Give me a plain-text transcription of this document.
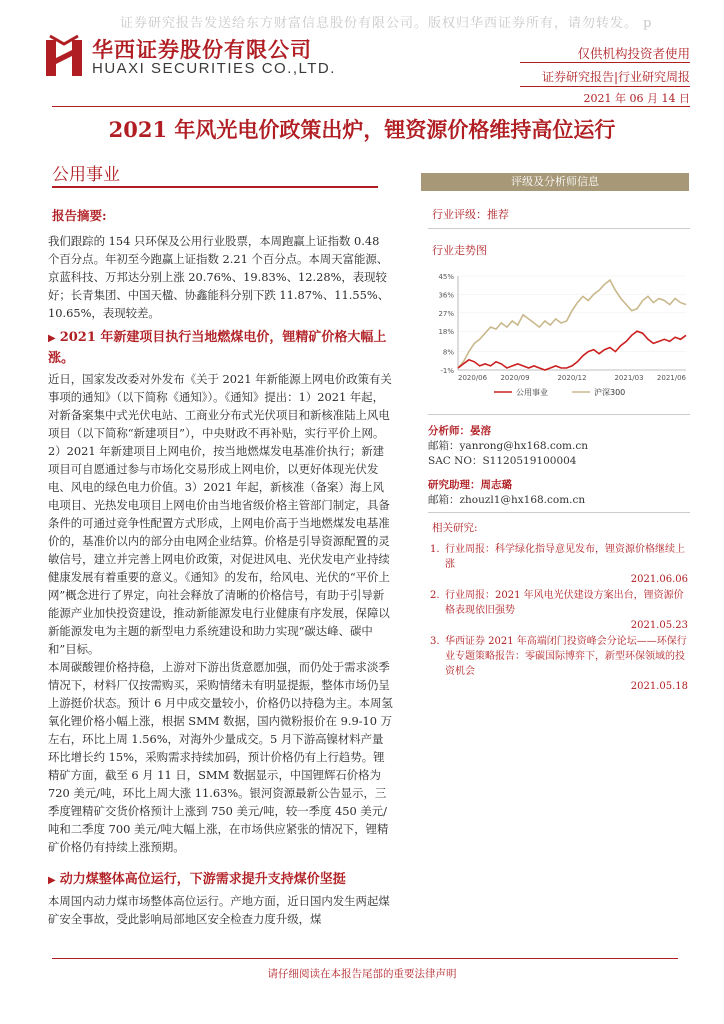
证券研究报告发送给东方财富信息股份有限公司。版权归华西证券所有，请勿转发。 p
华西证券股份有限公司
HUAXI SECURITIES CO.,LTD.
仅供机构投资者使用
证券研究报告|行业研究周报
2021 年 06 月 14 日
2021 年风光电价政策出炉，锂资源价格维持高位运行
公用事业
报告摘要:

我们跟踪的 154 只环保及公用行业股票，本周跑赢上证指数 0.48 个百分点。年初至今跑赢上证指数 2.21 个百分点。本周天富能源、京蓝科技、万邦达分别上涨 20.76%、19.83%、12.28%，表现较好；长青集团、中国天楹、协鑫能科分别下跌 11.87%、11.55%、10.65%，表现较差。

▶ 2021 年新建项目执行当地燃煤电价，锂精矿价格大幅上涨。

近日，国家发改委对外发布《关于 2021 年新能源上网电价政策有关事项的通知》（以下简称《通知》）。《通知》提出：1）2021 年起，对新备案集中式光伏电站、工商业分布式光伏项目和新核准陆上风电项目（以下简称“新建项目”），中央财政不再补贴，实行平价上网。2）2021 年新建项目上网电价，按当地燃煤发电基准价执行；新建项目可自愿通过参与市场化交易形成上网电价，以更好体现光伏发电、风电的绿色电力价值。3）2021 年起，新核准（备案）海上风电项目、光热发电项目上网电价由当地省级价格主管部门制定，具备条件的可通过竞争性配置方式形成，上网电价高于当地燃煤发电基准价的，基准价以内的部分由电网企业结算。价格是引导资源配置的灵敏信号，建立并完善上网电价政策，对促进风电、光伏发电产业持续健康发展有着重要的意义。《通知》的发布，给风电、光伏的“平价上网”概念进行了界定，向社会释放了清晰的价格信号，有助于引导新能源产业加快投资建设，推动新能源发电行业健康有序发展，保障以新能源发电为主题的新型电力系统建设和助力实现“碳达峰、碳中和”目标。

本周碳酸锂价格持稳，上游对下游出货意愿加强，而仍处于需求淡季情况下，材料厂仅按需购买，采购情绪未有明显提振，整体市场仍呈上游挺价状态。预计 6 月中成交量较小，价格仍以持稳为主。本周氢氧化锂价格小幅上涨，根据 SMM 数据，国内微粉报价在 9.9-10 万左右，环比上周 1.56%，对海外少量成交。5 月下游高镍材料产量环比增长约 15%，采购需求持续加码，预计价格仍有上行趋势。锂精矿方面，截至 6 月 11 日，SMM 数据显示，中国锂辉石价格为 720 美元/吨，环比上周大涨 11.63%。银河资源最新公告显示，三季度锂精矿交货价格预计上涨到 750 美元/吨，较一季度 450 美元/吨和二季度 700 美元/吨大幅上涨，在市场供应紧张的情况下，锂精矿价格仍有持续上涨预期。

▶ 动力煤整体高位运行，下游需求提升支持煤价坚挺

本周国内动力煤市场整体高位运行。产地方面，近日国内发生两起煤矿安全事故，受此影响局部地区安全检查力度升级，煤

评级及分析师信息
行业评级：推荐
行业走势图
-1%
8%
18%
27%
36%
45%
2020/06 2020/09	2020/12	2021/03 2021/06
公用事业	沪深300
分析师：晏溶
邮箱：yanrong@hx168.com.cn
SAC NO：S1120519100004
研究助理：周志璐
邮箱：zhouzl1@hx168.com.cn
相关研究:
1. 行业周报：科学绿化指导意见发布，锂资源价格继续上涨
2021.06.06
2. 行业周报：2021 年风电光伏建设方案出台，锂资源价格表现依旧强势
2021.05.23
3. 华西证券 2021 年高端闭门投资峰会分论坛——环保行业专题策略报告：零碳国际博弈下，新型环保领域的投资机会
2021.05.18
请仔细阅读在本报告尾部的重要法律声明
